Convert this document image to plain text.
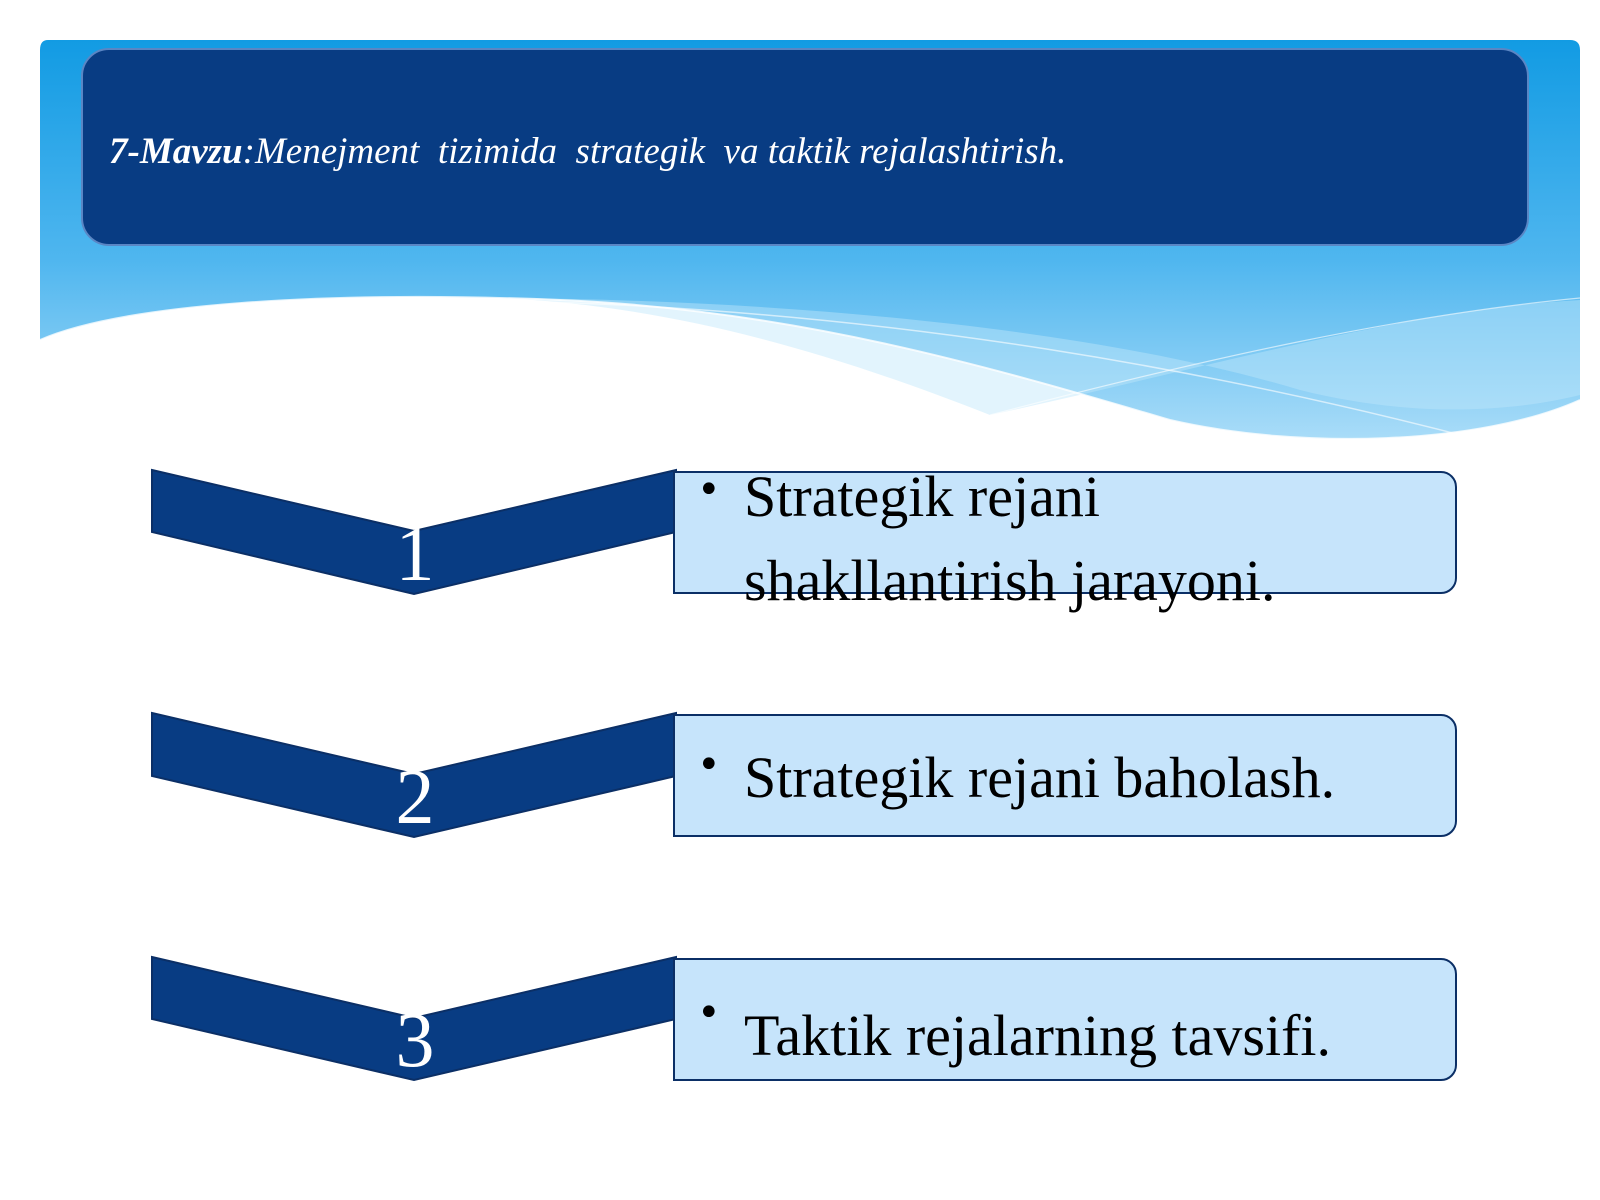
7-Mavzu:Menejment  tizimida  strategik  va taktik rejalashtirish.
1
2
3
• Strategik rejani
shakllantirish jarayoni.
• Strategik rejani baholash.
• Taktik rejalarning tavsifi.
